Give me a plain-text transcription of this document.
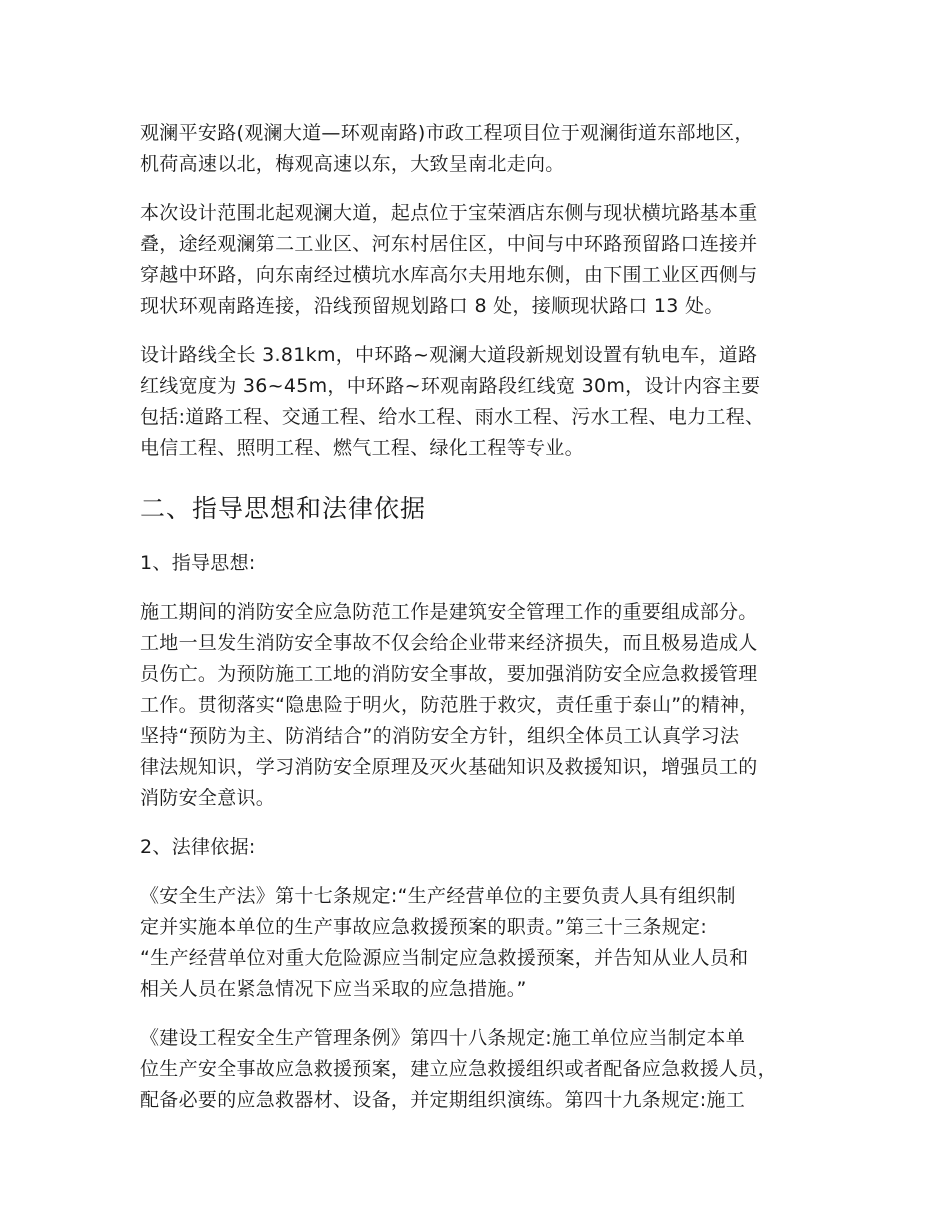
观澜平安路(观澜大道—环观南路)市政工程项目位于观澜街道东部地区，
机荷高速以北，梅观高速以东，大致呈南北走向。
本次设计范围北起观澜大道，起点位于宝荣酒店东侧与现状横坑路基本重
叠，途经观澜第二工业区、河东村居住区，中间与中环路预留路口连接并
穿越中环路，向东南经过横坑水库高尔夫用地东侧，由下围工业区西侧与
现状环观南路连接，沿线预留规划路口 8 处，接顺现状路口 13 处。
设计路线全长 3.81km，中环路~观澜大道段新规划设置有轨电车，道路
红线宽度为 36~45m，中环路~环观南路段红线宽 30m，设计内容主要
包括:道路工程、交通工程、给水工程、雨水工程、污水工程、电力工程、
电信工程、照明工程、燃气工程、绿化工程等专业。
二、指导思想和法律依据
1、指导思想:
施工期间的消防安全应急防范工作是建筑安全管理工作的重要组成部分。
工地一旦发生消防安全事故不仅会给企业带来经济损失，而且极易造成人
员伤亡。为预防施工工地的消防安全事故，要加强消防安全应急救援管理
工作。贯彻落实“隐患险于明火，防范胜于救灾，责任重于泰山”的精神，
坚持“预防为主、防消结合”的消防安全方针，组织全体员工认真学习法
律法规知识，学习消防安全原理及灭火基础知识及救援知识，增强员工的
消防安全意识。
2、法律依据:
《安全生产法》第十七条规定:“生产经营单位的主要负责人具有组织制
定并实施本单位的生产事故应急救援预案的职责。”第三十三条规定:
“生产经营单位对重大危险源应当制定应急救援预案，并告知从业人员和
相关人员在紧急情况下应当采取的应急措施。”
《建设工程安全生产管理条例》第四十八条规定:施工单位应当制定本单
位生产安全事故应急救援预案，建立应急救援组织或者配备应急救援人员，
配备必要的应急救器材、设备，并定期组织演练。第四十九条规定:施工
